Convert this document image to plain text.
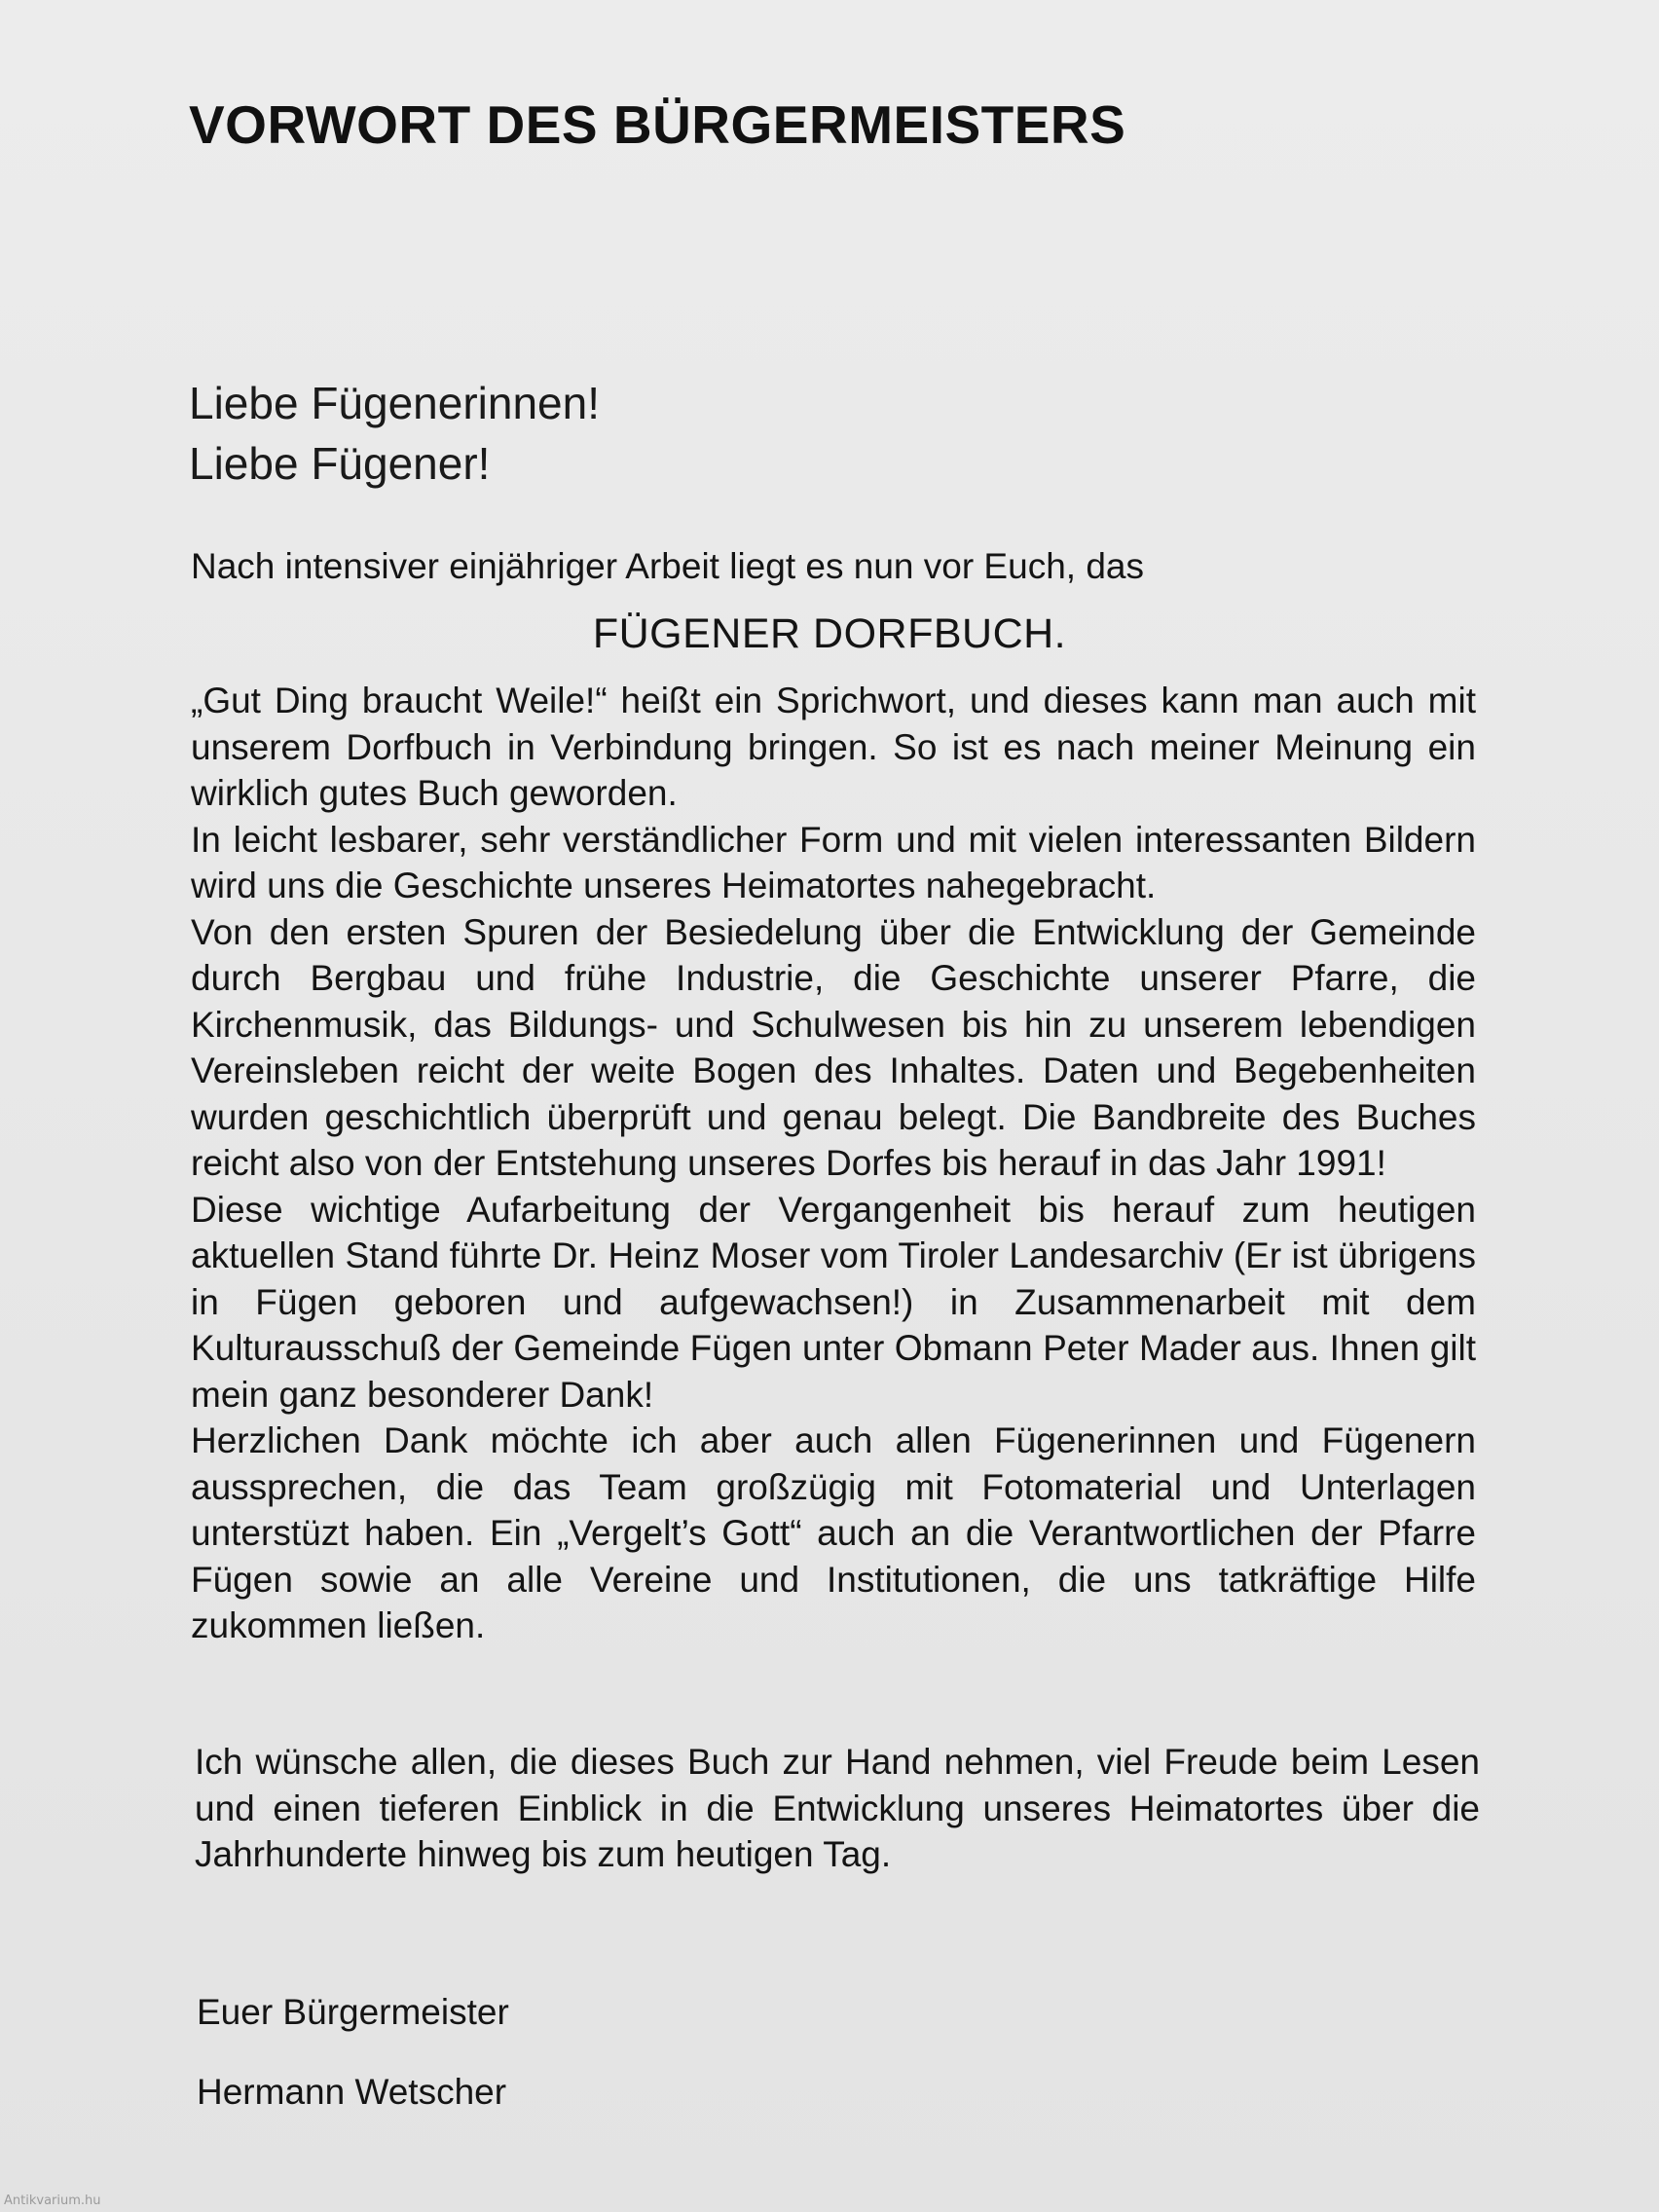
VORWORT DES BÜRGERMEISTERS
Liebe Fügenerinnen!
Liebe Fügener!
Nach intensiver einjähriger Arbeit liegt es nun vor Euch, das
FÜGENER DORFBUCH.

„Gut Ding braucht Weile!“ heißt ein Sprichwort, und dieses kann man auch mit unserem Dorfbuch in Verbindung bringen. So ist es nach meiner Meinung ein wirklich gutes Buch geworden.

In leicht lesbarer, sehr verständlicher Form und mit vielen interessanten Bildern wird uns die Geschichte unseres Heimatortes nahegebracht.

Von den ersten Spuren der Besiedelung über die Entwicklung der Gemeinde durch Bergbau und frühe Industrie, die Geschichte unserer Pfarre, die Kirchenmusik, das Bildungs- und Schulwesen bis hin zu unserem lebendigen Vereinsleben reicht der weite Bogen des Inhaltes. Daten und Begebenheiten wurden geschichtlich überprüft und genau belegt. Die Bandbreite des Buches reicht also von der Entstehung unseres Dorfes bis herauf in das Jahr 1991!

Diese wichtige Aufarbeitung der Vergangenheit bis herauf zum heutigen aktuellen Stand führte Dr. Heinz Moser vom Tiroler Landesarchiv (Er ist übrigens in Fügen geboren und aufgewachsen!) in Zusammenarbeit mit dem Kulturausschuß der Gemeinde Fügen unter Obmann Peter Mader aus. Ihnen gilt mein ganz besonderer Dank!

Herzlichen Dank möchte ich aber auch allen Fügenerinnen und Fügenern aussprechen, die das Team großzügig mit Fotomaterial und Unterlagen unterstüzt haben. Ein „Vergelt’s Gott“ auch an die Verantwortlichen der Pfarre Fügen sowie an alle Vereine und Institutionen, die uns tatkräftige Hilfe zukommen ließen.

Ich wünsche allen, die dieses Buch zur Hand nehmen, viel Freude beim Lesen und einen tieferen Einblick in die Entwicklung unseres Heimatortes über die Jahrhunderte hinweg bis zum heutigen Tag.

Euer Bürgermeister
Hermann Wetscher
Antikvarium.hu
